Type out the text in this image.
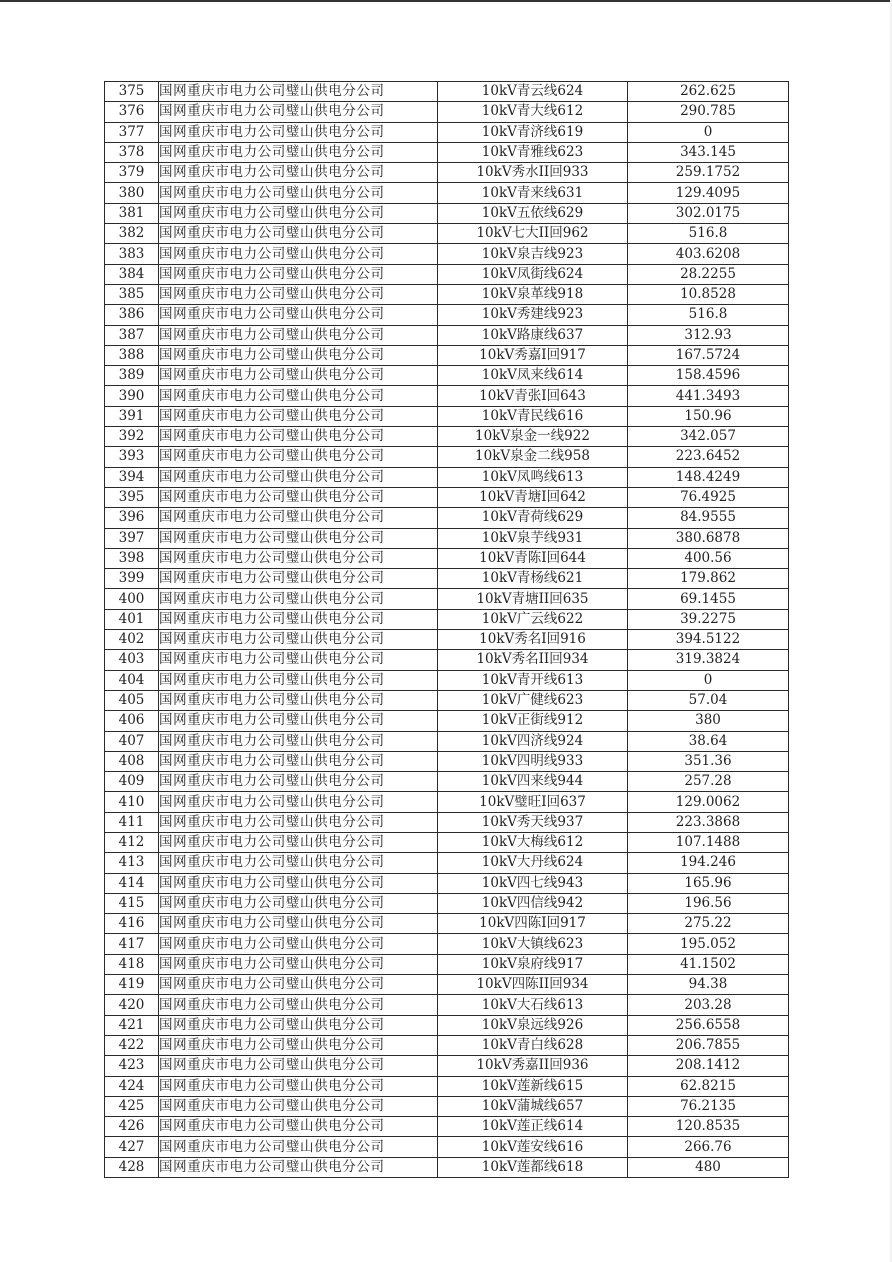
375	国网重庆市电力公司璧山供电分公司	10kV青云线624	262.625
376	国网重庆市电力公司璧山供电分公司	10kV青大线612	290.785
377	国网重庆市电力公司璧山供电分公司	10kV青济线619	0
378	国网重庆市电力公司璧山供电分公司	10kV青雅线623	343.145
379	国网重庆市电力公司璧山供电分公司	10kV秀水II回933	259.1752
380	国网重庆市电力公司璧山供电分公司	10kV青来线631	129.4095
381	国网重庆市电力公司璧山供电分公司	10kV五依线629	302.0175
382	国网重庆市电力公司璧山供电分公司	10kV七大II回962	516.8
383	国网重庆市电力公司璧山供电分公司	10kV泉吉线923	403.6208
384	国网重庆市电力公司璧山供电分公司	10kV凤街线624	28.2255
385	国网重庆市电力公司璧山供电分公司	10kV泉革线918	10.8528
386	国网重庆市电力公司璧山供电分公司	10kV秀建线923	516.8
387	国网重庆市电力公司璧山供电分公司	10kV路康线637	312.93
388	国网重庆市电力公司璧山供电分公司	10kV秀嘉I回917	167.5724
389	国网重庆市电力公司璧山供电分公司	10kV凤来线614	158.4596
390	国网重庆市电力公司璧山供电分公司	10kV青张I回643	441.3493
391	国网重庆市电力公司璧山供电分公司	10kV青民线616	150.96
392	国网重庆市电力公司璧山供电分公司	10kV泉金一线922	342.057
393	国网重庆市电力公司璧山供电分公司	10kV泉金二线958	223.6452
394	国网重庆市电力公司璧山供电分公司	10kV凤鸣线613	148.4249
395	国网重庆市电力公司璧山供电分公司	10kV青塘I回642	76.4925
396	国网重庆市电力公司璧山供电分公司	10kV青荷线629	84.9555
397	国网重庆市电力公司璧山供电分公司	10kV泉芋线931	380.6878
398	国网重庆市电力公司璧山供电分公司	10kV青陈I回644	400.56
399	国网重庆市电力公司璧山供电分公司	10kV青杨线621	179.862
400	国网重庆市电力公司璧山供电分公司	10kV青塘II回635	69.1455
401	国网重庆市电力公司璧山供电分公司	10kV广云线622	39.2275
402	国网重庆市电力公司璧山供电分公司	10kV秀名I回916	394.5122
403	国网重庆市电力公司璧山供电分公司	10kV秀名II回934	319.3824
404	国网重庆市电力公司璧山供电分公司	10kV青开线613	0
405	国网重庆市电力公司璧山供电分公司	10kV广健线623	57.04
406	国网重庆市电力公司璧山供电分公司	10kV正街线912	380
407	国网重庆市电力公司璧山供电分公司	10kV四济线924	38.64
408	国网重庆市电力公司璧山供电分公司	10kV四明线933	351.36
409	国网重庆市电力公司璧山供电分公司	10kV四来线944	257.28
410	国网重庆市电力公司璧山供电分公司	10kV璧旺I回637	129.0062
411	国网重庆市电力公司璧山供电分公司	10kV秀天线937	223.3868
412	国网重庆市电力公司璧山供电分公司	10kV大梅线612	107.1488
413	国网重庆市电力公司璧山供电分公司	10kV大丹线624	194.246
414	国网重庆市电力公司璧山供电分公司	10kV四七线943	165.96
415	国网重庆市电力公司璧山供电分公司	10kV四信线942	196.56
416	国网重庆市电力公司璧山供电分公司	10kV四陈I回917	275.22
417	国网重庆市电力公司璧山供电分公司	10kV大镇线623	195.052
418	国网重庆市电力公司璧山供电分公司	10kV泉府线917	41.1502
419	国网重庆市电力公司璧山供电分公司	10kV四陈II回934	94.38
420	国网重庆市电力公司璧山供电分公司	10kV大石线613	203.28
421	国网重庆市电力公司璧山供电分公司	10kV泉远线926	256.6558
422	国网重庆市电力公司璧山供电分公司	10kV青白线628	206.7855
423	国网重庆市电力公司璧山供电分公司	10kV秀嘉II回936	208.1412
424	国网重庆市电力公司璧山供电分公司	10kV莲新线615	62.8215
425	国网重庆市电力公司璧山供电分公司	10kV蒲城线657	76.2135
426	国网重庆市电力公司璧山供电分公司	10kV莲正线614	120.8535
427	国网重庆市电力公司璧山供电分公司	10kV莲安线616	266.76
428	国网重庆市电力公司璧山供电分公司	10kV莲都线618	480
